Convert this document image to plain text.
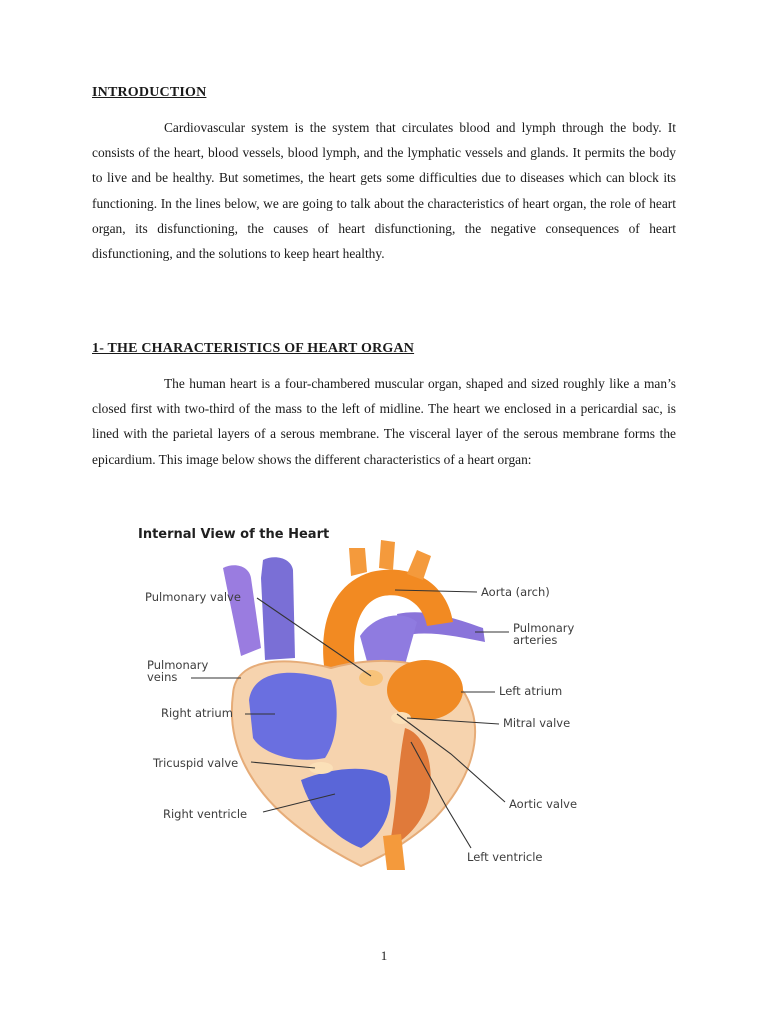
INTRODUCTION

Cardiovascular system is the system that circulates blood and lymph through the body. It consists of the heart, blood vessels, blood lymph, and the lymphatic vessels and glands. It permits the body to live and be healthy. But sometimes, the heart gets some difficulties due to diseases which can block its functioning. In the lines below, we are going to talk about the characteristics of heart organ, the role of heart organ, its disfunctioning, the causes of heart disfunctioning, the negative consequences of heart disfunctioning, and the solutions to keep heart healthy.

1- THE CHARACTERISTICS OF HEART ORGAN

The human heart is a four-chambered muscular organ, shaped and sized roughly like a man’s closed first with two-third of the mass to the left of midline. The heart we enclosed in a pericardial sac, is lined with the parietal layers of a serous membrane. The visceral layer of the serous membrane forms the epicardium. This image below shows the different characteristics of a heart organ:

Internal View of the Heart
Pulmonary valve
Pulmonary
veins
Right atrium
Tricuspid valve
Right ventricle
Aorta (arch)
Pulmonary
arteries
Left atrium
Mitral valve
Aortic valve
Left ventricle
1
